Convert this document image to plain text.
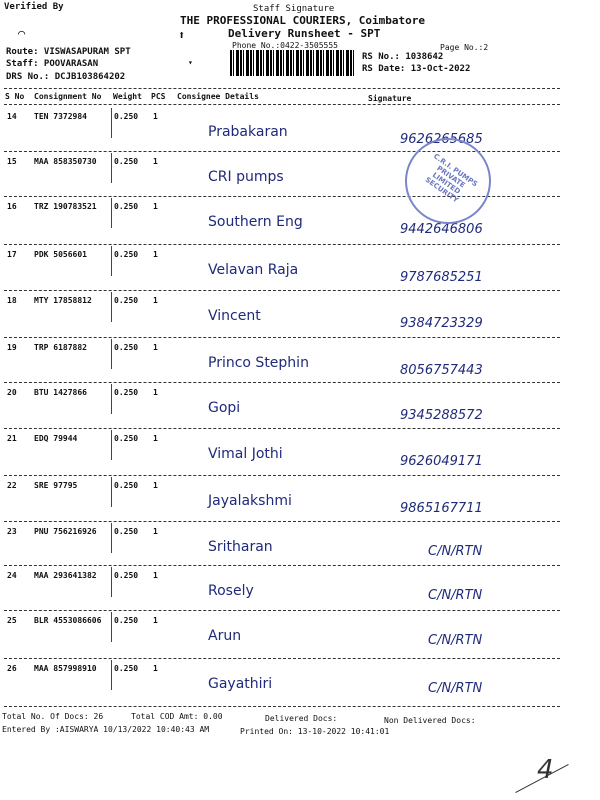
Verified By	Staff Signature
THE PROFESSIONAL COURIERS, Coimbatore
Delivery Runsheet - SPT
Phone No.:0422-3505555	Page No.:2
Route: VISWASAPURAM SPT
Staff: POOVARASAN
DRS No.: DCJB103864202
RS No.: 1038642
RS Date: 13-Oct-2022
⌒	⬆
▾
S No Consignment No Weight PCS Consignee Details	Signature
14 TEN 7372984	0.250 1
Prabakaran	9626265685
15 MAA 858350730 0.250 1
CRI pumps
16 TRZ 190783521 0.250 1
Southern Eng	9442646806
17 PDK 5056601	0.250 1
Velavan Raja	9787685251
18 MTY 17858812	0.250 1
Vincent	9384723329
19 TRP 6187882	0.250 1
Princo Stephin	8056757443
20 BTU 1427866	0.250 1
Gopi	9345288572
21 EDQ 79944	0.250 1
Vimal Jothi	9626049171
22 SRE 97795	0.250 1
Jayalakshmi	9865167711
23 PNU 756216926 0.250 1
Sritharan	C/N/RTN
24 MAA 293641382 0.250 1
Rosely	C/N/RTN
25 BLR 4553086606 0.250 1
Arun	C/N/RTN
26 MAA 857998910 0.250 1
Gayathiri	C/N/RTN
C.R.I. PUMPS PRIVATE LIMITED SECURITY
Total No. Of Docs: 26	Total COD Amt: 0.00	Delivered Docs:	Non Delivered Docs:
Entered By :AISWARYA 10/13/2022 10:40:43 AM	Printed On: 13-10-2022 10:41:01
4
